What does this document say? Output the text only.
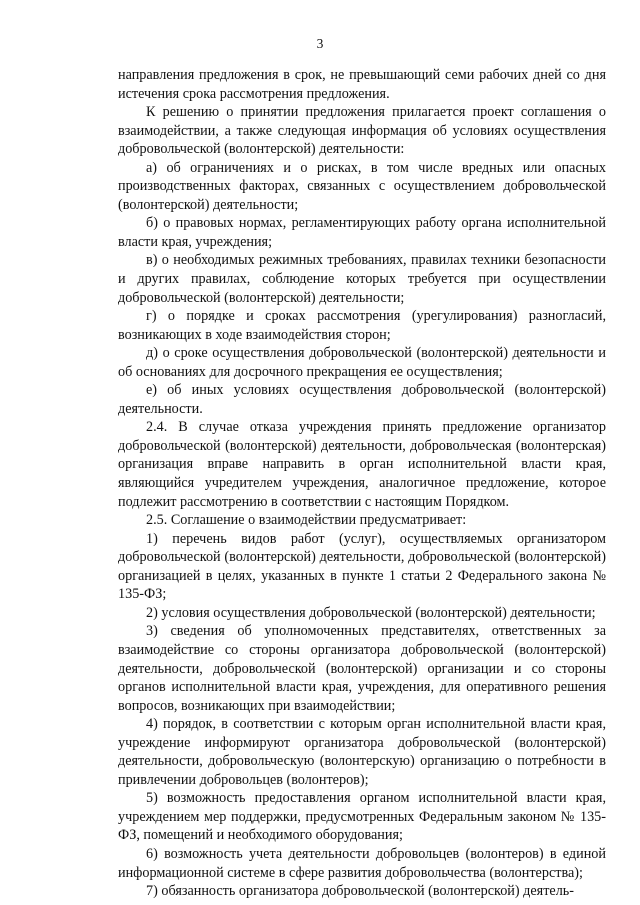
3

направления предложения в срок, не превышающий семи рабочих дней со дня истечения срока рассмотрения предложения.

К решению о принятии предложения прилагается проект соглашения о взаимодействии, а также следующая информация об условиях осуществления добровольческой (волонтерской) деятельности:

а) об ограничениях и о рисках, в том числе вредных или опасных производственных факторах, связанных с осуществлением добровольческой (волонтерской) деятельности;

б) о правовых нормах, регламентирующих работу органа исполнительной власти края, учреждения;

в) о необходимых режимных требованиях, правилах техники безопасности и других правилах, соблюдение которых требуется при осуществлении добровольческой (волонтерской) деятельности;

г) о порядке и сроках рассмотрения (урегулирования) разногласий, возникающих в ходе взаимодействия сторон;

д) о сроке осуществления добровольческой (волонтерской) деятельности и об основаниях для досрочного прекращения ее осуществления;

е) об иных условиях осуществления добровольческой (волонтерской) деятельности.

2.4. В случае отказа учреждения принять предложение организатор добровольческой (волонтерской) деятельности, добровольческая (волонтерская) организация вправе направить в орган исполнительной власти края, являющийся учредителем учреждения, аналогичное предложение, которое подлежит рассмотрению в соответствии с настоящим Порядком.

2.5. Соглашение о взаимодействии предусматривает:

1) перечень видов работ (услуг), осуществляемых организатором добровольческой (волонтерской) деятельности, добровольческой (волонтерской) организацией в целях, указанных в пункте 1 статьи 2 Федерального закона № 135-ФЗ;

2) условия осуществления добровольческой (волонтерской) деятельности;

3) сведения об уполномоченных представителях, ответственных за взаимодействие со стороны организатора добровольческой (волонтерской) деятельности, добровольческой (волонтерской) организации и со стороны органов исполнительной власти края, учреждения, для оперативного решения вопросов, возникающих при взаимодействии;

4) порядок, в соответствии с которым орган исполнительной власти края, учреждение информируют организатора добровольческой (волонтерской) деятельности, добровольческую (волонтерскую) организацию о потребности в привлечении добровольцев (волонтеров);

5) возможность предоставления органом исполнительной власти края, учреждением мер поддержки, предусмотренных Федеральным законом № 135-ФЗ, помещений и необходимого оборудования;

6) возможность учета деятельности добровольцев (волонтеров) в единой информационной системе в сфере развития добровольчества (волонтерства);

7) обязанность организатора добровольческой (волонтерской) деятель-
